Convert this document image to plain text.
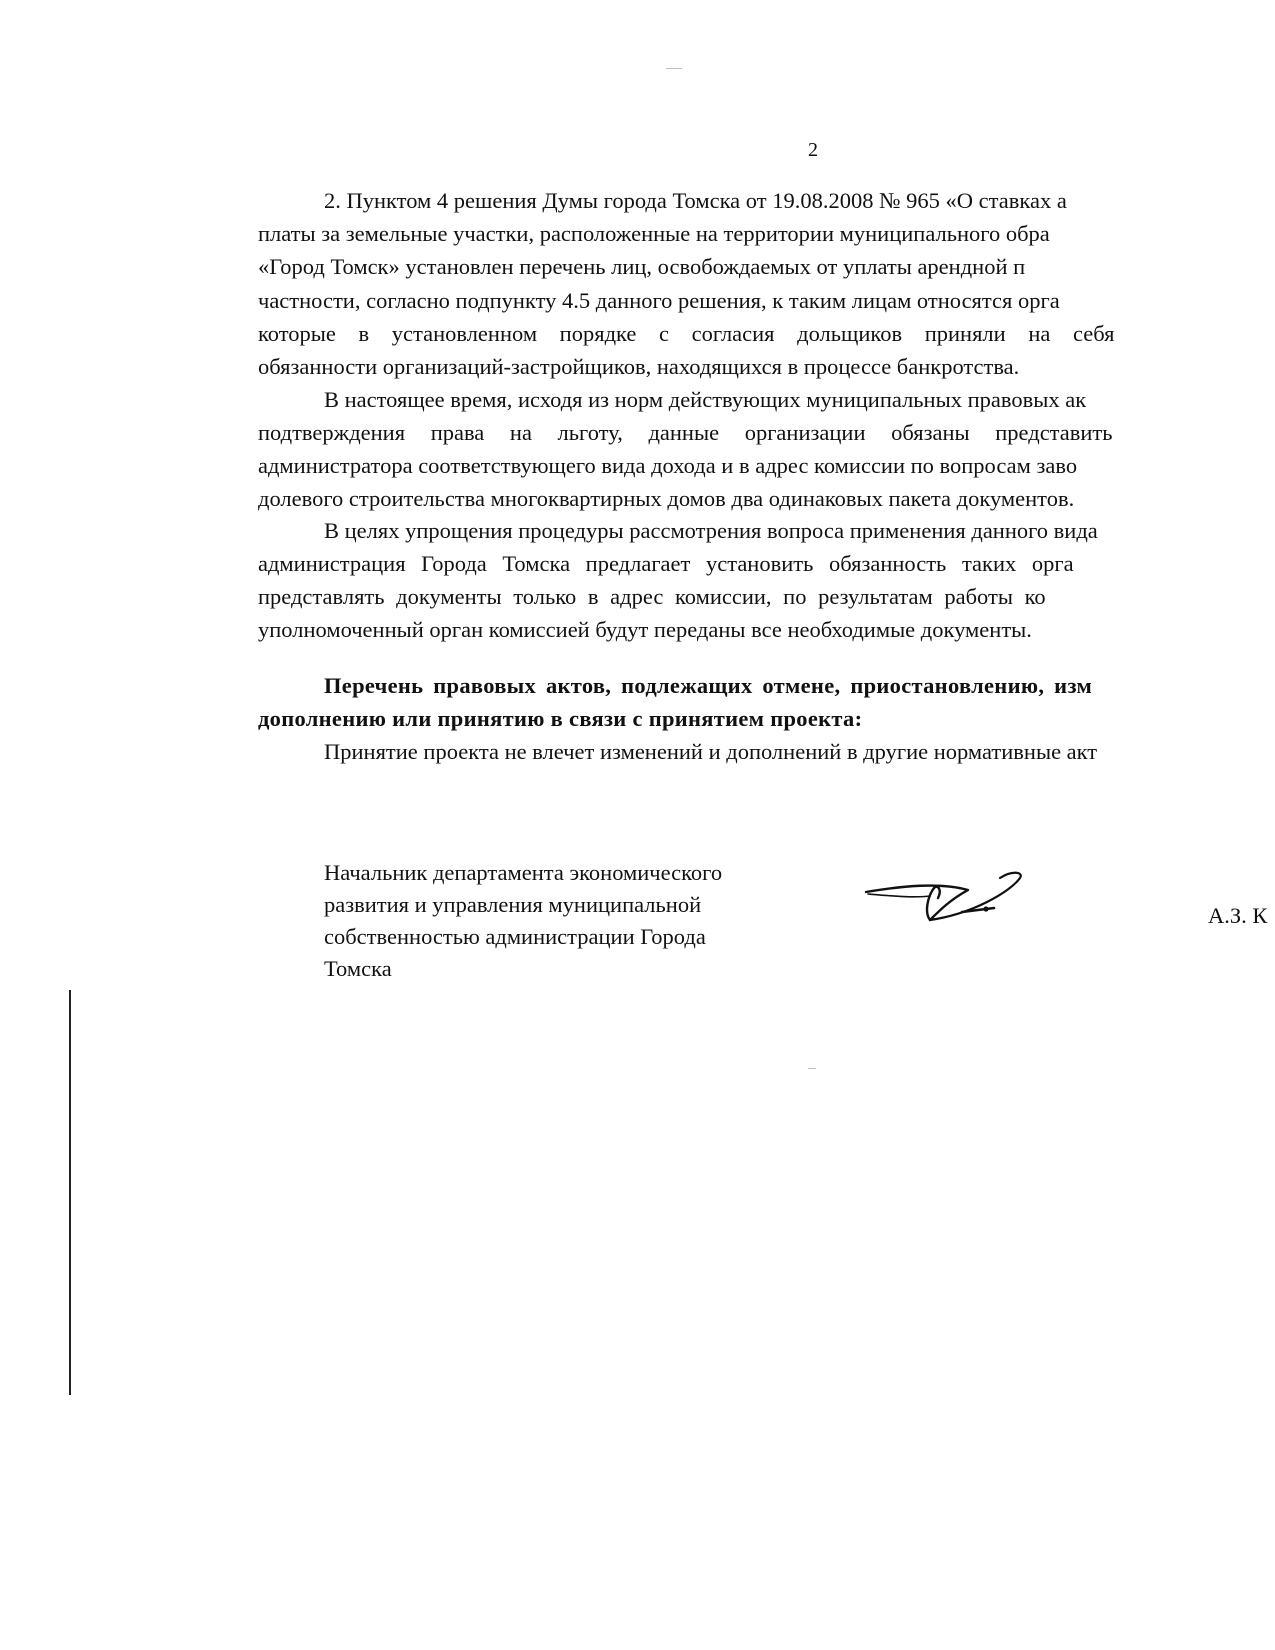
2
2. Пунктом 4 решения Думы города Томска от 19.08.2008 № 965 «О ставках а
платы за земельные участки, расположенные на территории муниципального обра
«Город Томск» установлен перечень лиц, освобождаемых от уплаты арендной п
частности, согласно подпункту 4.5 данного решения, к таким лицам относятся орга
которые в установленном порядке с согласия дольщиков приняли на себя
обязанности организаций-застройщиков, находящихся в процессе банкротства.
В настоящее время, исходя из норм действующих муниципальных правовых ак
подтверждения права на льготу, данные организации обязаны представить
администратора соответствующего вида дохода и в адрес комиссии по вопросам заво
долевого строительства многоквартирных домов два одинаковых пакета документов.
В целях упрощения процедуры рассмотрения вопроса применения данного вида
администрация Города Томска предлагает установить обязанность таких орга
представлять документы только в адрес комиссии, по результатам работы ко
уполномоченный орган комиссией будут переданы все необходимые документы.
Перечень правовых актов, подлежащих отмене, приостановлению, изм
дополнению или принятию в связи с принятием проекта:
Принятие проекта не влечет изменений и дополнений в другие нормативные акт
Начальник департамента экономического
развития и управления муниципальной
собственностью администрации Города
Томска
А.З. К
